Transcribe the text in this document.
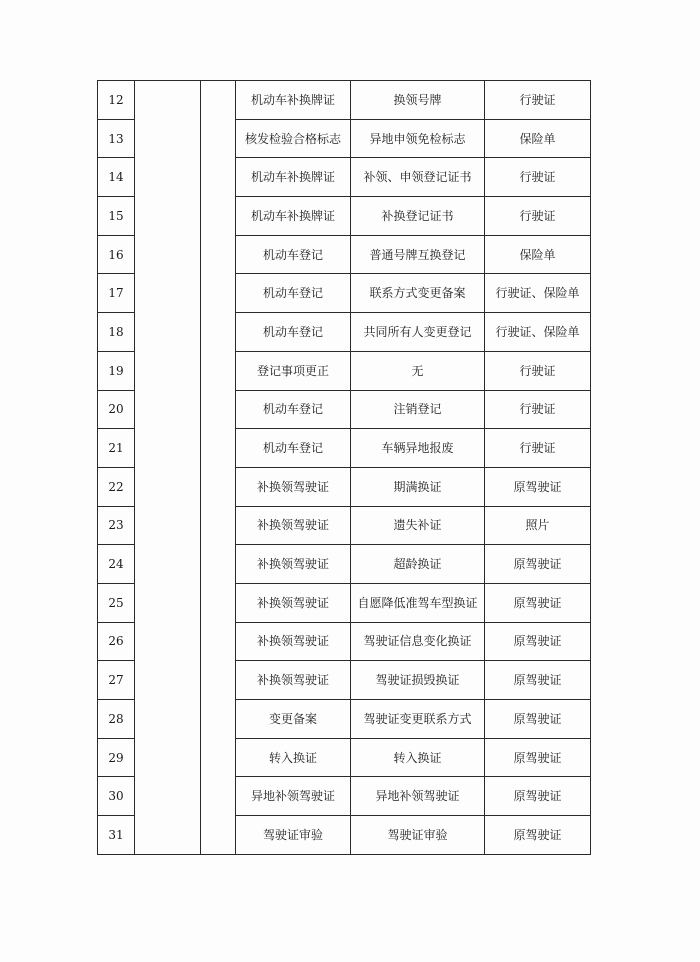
12			机动车补换牌证	换领号牌	行驶证
13			核发检验合格标志	异地申领免检标志	保险单
14			机动车补换牌证	补领、申领登记证书	行驶证
15			机动车补换牌证	补换登记证书	行驶证
16			机动车登记	普通号牌互换登记	保险单
17			机动车登记	联系方式变更备案	行驶证、保险单
18			机动车登记	共同所有人变更登记	行驶证、保险单
19			登记事项更正	无	行驶证
20			机动车登记	注销登记	行驶证
21			机动车登记	车辆异地报废	行驶证
22			补换领驾驶证	期满换证	原驾驶证
23			补换领驾驶证	遗失补证	照片
24			补换领驾驶证	超龄换证	原驾驶证
25			补换领驾驶证	自愿降低准驾车型换证	原驾驶证
26			补换领驾驶证	驾驶证信息变化换证	原驾驶证
27			补换领驾驶证	驾驶证损毁换证	原驾驶证
28			变更备案	驾驶证变更联系方式	原驾驶证
29			转入换证	转入换证	原驾驶证
30			异地补领驾驶证	异地补领驾驶证	原驾驶证
31			驾驶证审验	驾驶证审验	原驾驶证
